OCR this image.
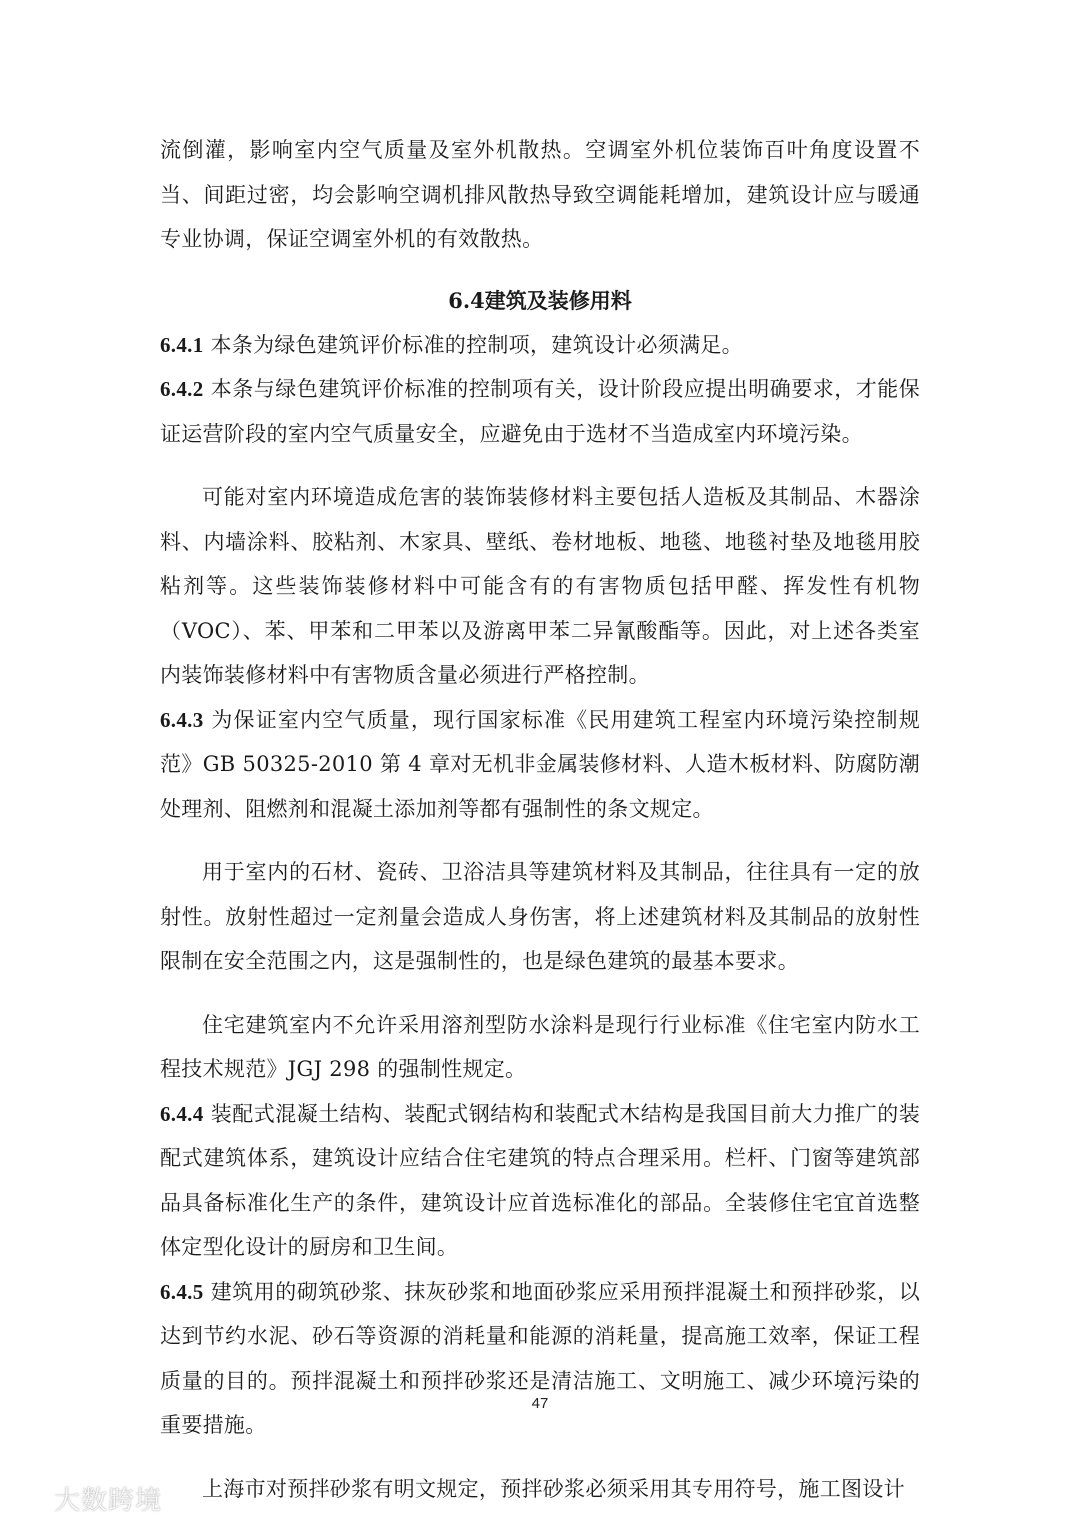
流倒灌，影响室内空气质量及室外机散热。空调室外机位装饰百叶角度设置不当、间距过密，均会影响空调机排风散热导致空调能耗增加，建筑设计应与暖通专业协调，保证空调室外机的有效散热。

6.4建筑及装修用料

6.4.1 本条为绿色建筑评价标准的控制项，建筑设计必须满足。

6.4.2 本条与绿色建筑评价标准的控制项有关，设计阶段应提出明确要求，才能保证运营阶段的室内空气质量安全，应避免由于选材不当造成室内环境污染。

可能对室内环境造成危害的装饰装修材料主要包括人造板及其制品、木器涂料、内墙涂料、胶粘剂、木家具、壁纸、卷材地板、地毯、地毯衬垫及地毯用胶粘剂等。这些装饰装修材料中可能含有的有害物质包括甲醛、挥发性有机物（VOC）、苯、甲苯和二甲苯以及游离甲苯二异氰酸酯等。因此，对上述各类室内装饰装修材料中有害物质含量必须进行严格控制。

6.4.3 为保证室内空气质量，现行国家标准《民用建筑工程室内环境污染控制规范》GB 50325-2010 第 4 章对无机非金属装修材料、人造木板材料、防腐防潮处理剂、阻燃剂和混凝土添加剂等都有强制性的条文规定。

用于室内的石材、瓷砖、卫浴洁具等建筑材料及其制品，往往具有一定的放射性。放射性超过一定剂量会造成人身伤害，将上述建筑材料及其制品的放射性限制在安全范围之内，这是强制性的，也是绿色建筑的最基本要求。

住宅建筑室内不允许采用溶剂型防水涂料是现行行业标准《住宅室内防水工程技术规范》JGJ 298 的强制性规定。

6.4.4 装配式混凝土结构、装配式钢结构和装配式木结构是我国目前大力推广的装配式建筑体系，建筑设计应结合住宅建筑的特点合理采用。栏杆、门窗等建筑部品具备标准化生产的条件，建筑设计应首选标准化的部品。全装修住宅宜首选整体定型化设计的厨房和卫生间。

6.4.5 建筑用的砌筑砂浆、抹灰砂浆和地面砂浆应采用预拌混凝土和预拌砂浆，以达到节约水泥、砂石等资源的消耗量和能源的消耗量，提高施工效率，保证工程质量的目的。预拌混凝土和预拌砂浆还是清洁施工、文明施工、减少环境污染的重要措施。

上海市对预拌砂浆有明文规定，预拌砂浆必须采用其专用符号，施工图设计

47
大数跨境
